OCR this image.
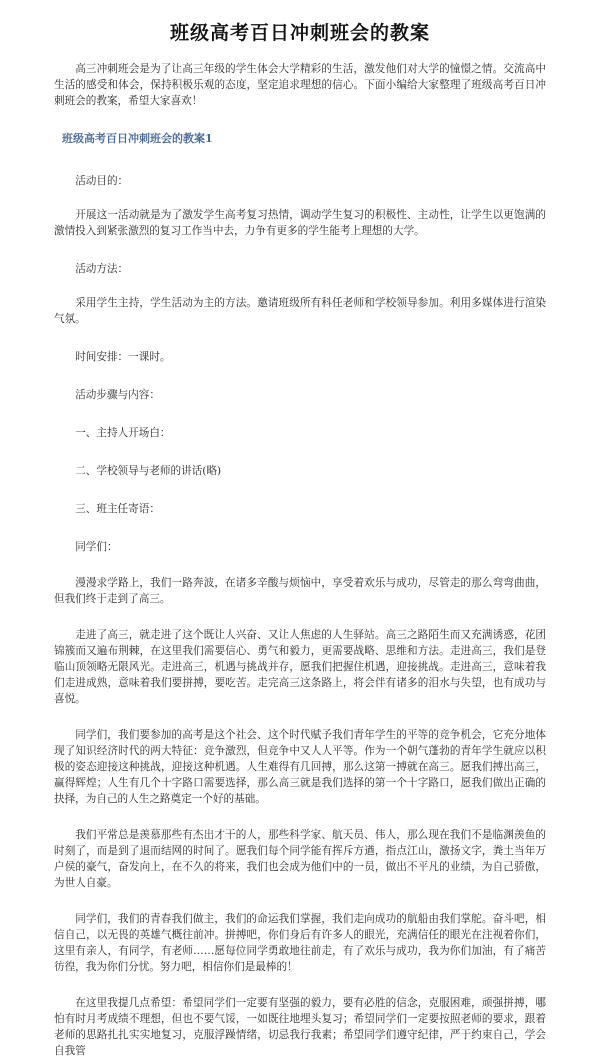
班级高考百日冲刺班会的教案

高三冲刺班会是为了让高三年级的学生体会大学精彩的生活，激发他们对大学的憧憬之情。交流高中生活的感受和体会，保持积极乐观的态度，坚定追求理想的信心。下面小编给大家整理了班级高考百日冲刺班会的教案，希望大家喜欢！

班级高考百日冲刺班会的教案1

活动目的：

开展这一活动就是为了激发学生高考复习热情，调动学生复习的积极性、主动性，让学生以更饱满的激情投入到紧张激烈的复习工作当中去，力争有更多的学生能考上理想的大学。

活动方法：

采用学生主持，学生活动为主的方法。邀请班级所有科任老师和学校领导参加。利用多媒体进行渲染气氛。

时间安排：一课时。

活动步骤与内容：

一、主持人开场白：

二、学校领导与老师的讲话(略)

三、班主任寄语：

同学们：

漫漫求学路上，我们一路奔波，在诸多辛酸与烦恼中，享受着欢乐与成功，尽管走的那么弯弯曲曲，但我们终于走到了高三。

走进了高三，就走进了这个既让人兴奋、又让人焦虑的人生驿站。高三之路陌生而又充满诱惑，花团锦簇而又遍布荆棘，在这里我们需要信心、勇气和毅力，更需要战略、思维和方法。走进高三，我们是登临山顶领略无限风光。走进高三，机遇与挑战并存，愿我们把握住机遇，迎接挑战。走进高三，意味着我们走进成熟，意味着我们要拼搏，要吃苦。走完高三这条路上，将会伴有诸多的泪水与失望，也有成功与喜悦。

同学们，我们要参加的高考是这个社会、这个时代赋予我们青年学生的平等的竞争机会，它充分地体现了知识经济时代的两大特征：竞争激烈，但竞争中又人人平等。作为一个朝气蓬勃的青年学生就应以积极的姿态迎接这种挑战，迎接这种机遇。人生难得有几回搏，那么这第一搏就在高三。愿我们搏出高三，赢得辉煌；人生有几个十字路口需要选择，那么高三就是我们选择的第一个十字路口，愿我们做出正确的抉择，为自己的人生之路奠定一个好的基础。

我们平常总是羡慕那些有杰出才干的人，那些科学家、航天员、伟人，那么现在我们不是临渊羡鱼的时刻了，而是到了退而结网的时间了。愿我们每个同学能有挥斥方遒，指点江山，激扬文字，粪土当年万户侯的豪气，奋发向上，在不久的将来，我们也会成为他们中的一员，做出不平凡的业绩，为自己骄傲，为世人自豪。

同学们，我们的青春我们做主，我们的命运我们掌握，我们走向成功的航船由我们掌舵。奋斗吧，相信自己，以无畏的英雄气概往前冲。拼搏吧，你们身后有许多人的眼光，充满信任的眼光在注视着你们，这里有亲人，有同学，有老师……愿每位同学勇敢地往前走，有了欢乐与成功，我为你们加油，有了痛苦彷徨，我为你们分忧。努力吧，相信你们是最棒的！

在这里我提几点希望：希望同学们一定要有坚强的毅力，要有必胜的信念，克服困难，顽强拼搏，哪怕有时月考成绩不理想，但也不要气馁，一如既往地埋头复习；希望同学们一定要按照老师的要求，跟着老师的思路扎扎实实地复习，克服浮躁情绪，切忌我行我素；希望同学们遵守纪律，严于约束自己，学会自我管
